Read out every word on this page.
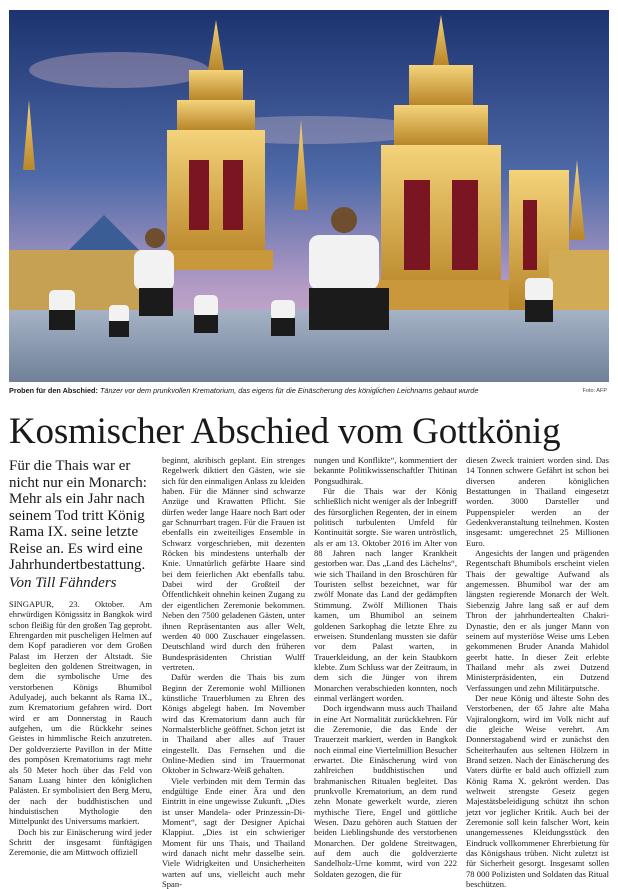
Proben für den Abschied: Tänzer vor dem prunkvollen Krematorium, das eigens für die Einäscherung des königlichen Leichnams gebaut wurde	Foto: AFP
Kosmischer Abschied vom Gottkönig
Für die Thais war er nicht nur ein Monarch: Mehr als ein Jahr nach seinem Tod tritt König Rama IX. seine letzte Reise an. Es wird eine Jahrhundertbestattung.
Von Till Fähnders

SINGAPUR, 23. Oktober. Am ehrwürdigen Königssitz in Bangkok wird schon fleißig für den großen Tag geprobt. Ehrengarden mit puscheligen Helmen auf dem Kopf paradieren vor dem Großen Palast im Herzen der Altstadt. Sie begleiten den goldenen Streitwagen, in dem die symbolische Urne des verstorbenen Königs Bhumibol Adulyadej, auch bekannt als Rama IX., zum Krematorium gefahren wird. Dort wird er am Donnerstag in Rauch aufgehen, um die Rückkehr seines Geistes in himmlische Reich anzutreten. Der goldverzierte Pavillon in der Mitte des pompösen Krematoriums ragt mehr als 50 Meter hoch über das Feld von Sanam Luang hinter den königlichen Palästen. Er symbolisiert den Berg Meru, der nach der buddhistischen und hinduistischen Mythologie den Mittelpunkt des Universums markiert.

Doch bis zur Einäscherung wird jeder Schritt der insgesamt fünftägigen Zeremonie, die am Mittwoch offiziell

beginnt, akribisch geplant. Ein strenges Regelwerk diktiert den Gästen, wie sie sich für den einmaligen Anlass zu kleiden haben. Für die Männer sind schwarze Anzüge und Krawatten Pflicht. Sie dürfen weder lange Haare noch Bart oder gar Schnurrbart tragen. Für die Frauen ist ebenfalls ein zweiteiliges Ensemble in Schwarz vorgeschrieben, mit dezenten Röcken bis mindestens unterhalb der Knie. Unnatürlich gefärbte Haare sind bei dem feierlichen Akt ebenfalls tabu. Dabei wird der Großteil der Öffentlichkeit ohnehin keinen Zugang zu der eigentlichen Zeremonie bekommen. Neben den 7500 geladenen Gästen, unter ihnen Repräsentanten aus aller Welt, werden 40 000 Zuschauer eingelassen. Deutschland wird durch den früheren Bundespräsidenten Christian Wulff vertreten.

Dafür werden die Thais bis zum Beginn der Zeremonie wohl Millionen künstliche Trauerblumen zu Ehren des Königs abgelegt haben. Im November wird das Krematorium dann auch für Normalsterbliche geöffnet. Schon jetzt ist in Thailand aber alles auf Trauer eingestellt. Das Fernsehen und die Online-Medien sind im Trauermonat Oktober in Schwarz-Weiß gehalten.

Viele verbinden mit dem Termin das endgültige Ende einer Ära und den Eintritt in eine ungewisse Zukunft. „Dies ist unser Mandela- oder Prinzessin-Di-Moment“, sagt der Designer Apichai Klappiut. „Dies ist ein schwieriger Moment für uns Thais, und Thailand wird danach nicht mehr dasselbe sein. Viele Widrigkeiten und Unsicherheiten warten auf uns, vielleicht auch mehr Span-

nungen und Konflikte“, kommentiert der bekannte Politikwissenschaftler Thitinan Pongsudhirak.

Für die Thais war der König schließlich nicht weniger als der Inbegriff des fürsorglichen Regenten, der in einem politisch turbulenten Umfeld für Kontinuität sorgte. Sie waren untröstlich, als er am 13. Oktober 2016 im Alter von 88 Jahren nach langer Krankheit gestorben war. Das „Land des Lächelns“, wie sich Thailand in den Broschüren für Touristen selbst bezeichnet, war für zwölf Monate das Land der gedämpften Stimmung. Zwölf Millionen Thais kamen, um Bhumibol an seinem goldenen Sarkophag die letzte Ehre zu erweisen. Stundenlang mussten sie dafür vor dem Palast warten, in Trauerkleidung, an der kein Staubkorn klebte. Zum Schluss war der Zeitraum, in dem sich die Jünger von ihrem Monarchen verabschieden konnten, noch einmal verlängert worden.

Doch irgendwann muss auch Thailand in eine Art Normalität zurückkehren. Für die Zeremonie, die das Ende der Trauerzeit markiert, werden in Bangkok noch einmal eine Viertelmillion Besucher erwartet. Die Einäscherung wird von zahlreichen buddhistischen und brahmanischen Ritualen begleitet. Das prunkvolle Krematorium, an dem rund zehn Monate gewerkelt wurde, zieren mythische Tiere, Engel und göttliche Wesen. Dazu gehören auch Statuen der beiden Lieblingshunde des verstorbenen Monarchen. Der goldene Streitwagen, auf dem auch die goldverzierte Sandelholz-Urne kommt, wird von 222 Soldaten gezogen, die für

diesen Zweck trainiert worden sind. Das 14 Tonnen schwere Gefährt ist schon bei diversen anderen königlichen Bestattungen in Thailand eingesetzt worden. 3000 Darsteller und Puppenspieler werden an der Gedenkveranstaltung teilnehmen. Kosten insgesamt: umgerechnet 25 Millionen Euro.

Angesichts der langen und prägenden Regentschaft Bhumibols erscheint vielen Thais der gewaltige Aufwand als angemessen. Bhumibol war der am längsten regierende Monarch der Welt. Siebenzig Jahre lang saß er auf dem Thron der jahrhundertealten Chakri-Dynastie, den er als junger Mann von seinem auf mysteriöse Weise ums Leben gekommenen Bruder Ananda Mahidol geerbt hatte. In dieser Zeit erlebte Thailand mehr als zwei Dutzend Ministerpräsidenten, ein Dutzend Verfassungen und zehn Militärputsche.

Der neue König und älteste Sohn des Verstorbenen, der 65 Jahre alte Maha Vajiralongkorn, wird im Volk nicht auf die gleiche Weise verehrt. Am Donnerstagabend wird er zunächst den Scheiterhaufen aus seltenen Hölzern in Brand setzen. Nach der Einäscherung des Vaters dürfte er bald auch offiziell zum König Rama X. gekrönt werden. Das weltweit strengste Gesetz gegen Majestätsbeleidigung schützt ihn schon jetzt vor jeglicher Kritik. Auch bei der Zeremonie soll kein falscher Wort, kein unangemessenes Kleidungsstück den Eindruck vollkommener Ehrerbietung für das Königshaus trüben. Nicht zuletzt ist für Sicherheit gesorgt. Insgesamt sollen 78 000 Polizisten und Soldaten das Ritual beschützen.
